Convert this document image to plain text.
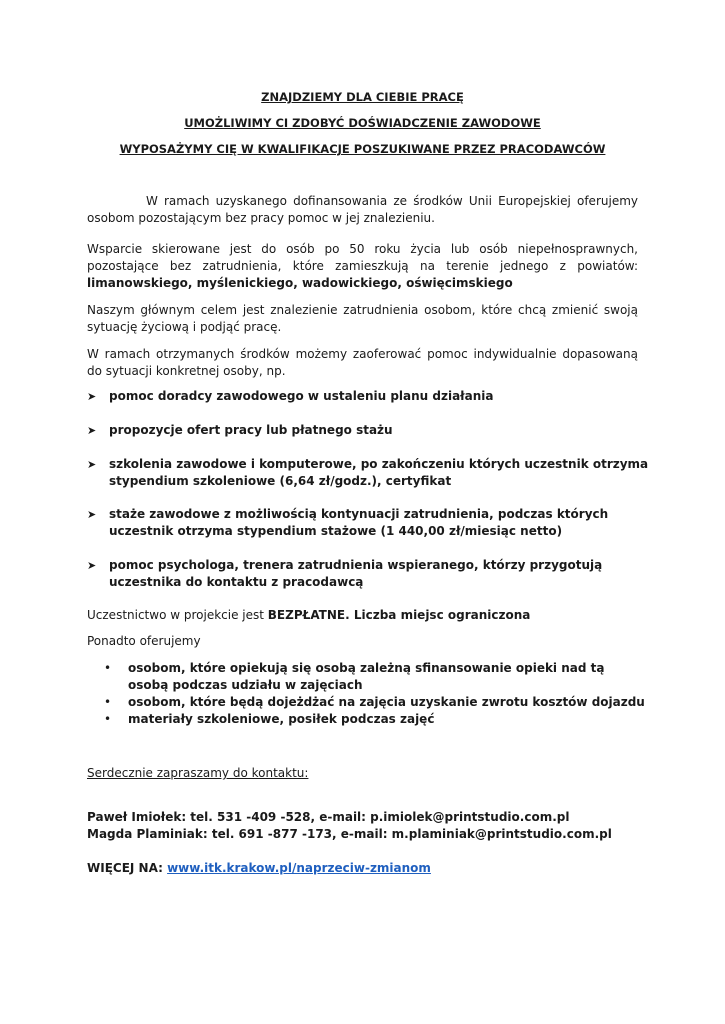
ZNAJDZIEMY DLA CIEBIE PRACĘ
UMOŻLIWIMY CI ZDOBYĆ DOŚWIADCZENIE ZAWODOWE
WYPOSAŻYMY CIĘ W KWALIFIKACJE POSZUKIWANE PRZEZ PRACODAWCÓW
W ramach uzyskanego dofinansowania ze środków Unii Europejskiej oferujemy osobom pozostającym bez pracy pomoc w jej znalezieniu.
Wsparcie skierowane jest do osób po 50 roku życia lub osób niepełnosprawnych, pozostające bez zatrudnienia, które zamieszkują na terenie jednego z powiatów: limanowskiego, myślenickiego, wadowickiego, oświęcimskiego
Naszym głównym celem jest znalezienie zatrudnienia osobom, które chcą zmienić swoją sytuację życiową i podjąć pracę.
W ramach otrzymanych środków możemy zaoferować pomoc indywidualnie dopasowaną do sytuacji konkretnej osoby, np.
➤ pomoc doradcy zawodowego w ustaleniu planu działania
➤ propozycje ofert pracy lub płatnego stażu
➤ szkolenia zawodowe i komputerowe, po zakończeniu których uczestnik otrzyma stypendium szkoleniowe (6,64 zł/godz.), certyfikat
➤ staże zawodowe z możliwością kontynuacji zatrudnienia, podczas których uczestnik otrzyma stypendium stażowe (1 440,00 zł/miesiąc netto)
➤ pomoc psychologa, trenera zatrudnienia wspieranego, którzy przygotują uczestnika do kontaktu z pracodawcą
Uczestnictwo w projekcie jest BEZPŁATNE. Liczba miejsc ograniczona
Ponadto oferujemy
• osobom, które opiekują się osobą zależną sfinansowanie opieki nad tą osobą podczas udziału w zajęciach
• osobom, które będą dojeżdżać na zajęcia uzyskanie zwrotu kosztów dojazdu
• materiały szkoleniowe, posiłek podczas zajęć
Serdecznie zapraszamy do kontaktu:
Paweł Imiołek: tel. 531 -409 -528, e-mail: p.imiolek@printstudio.com.pl
Magda Plaminiak: tel. 691 -877 -173, e-mail: m.plaminiak@printstudio.com.pl
WIĘCEJ NA: www.itk.krakow.pl/naprzeciw-zmianom
